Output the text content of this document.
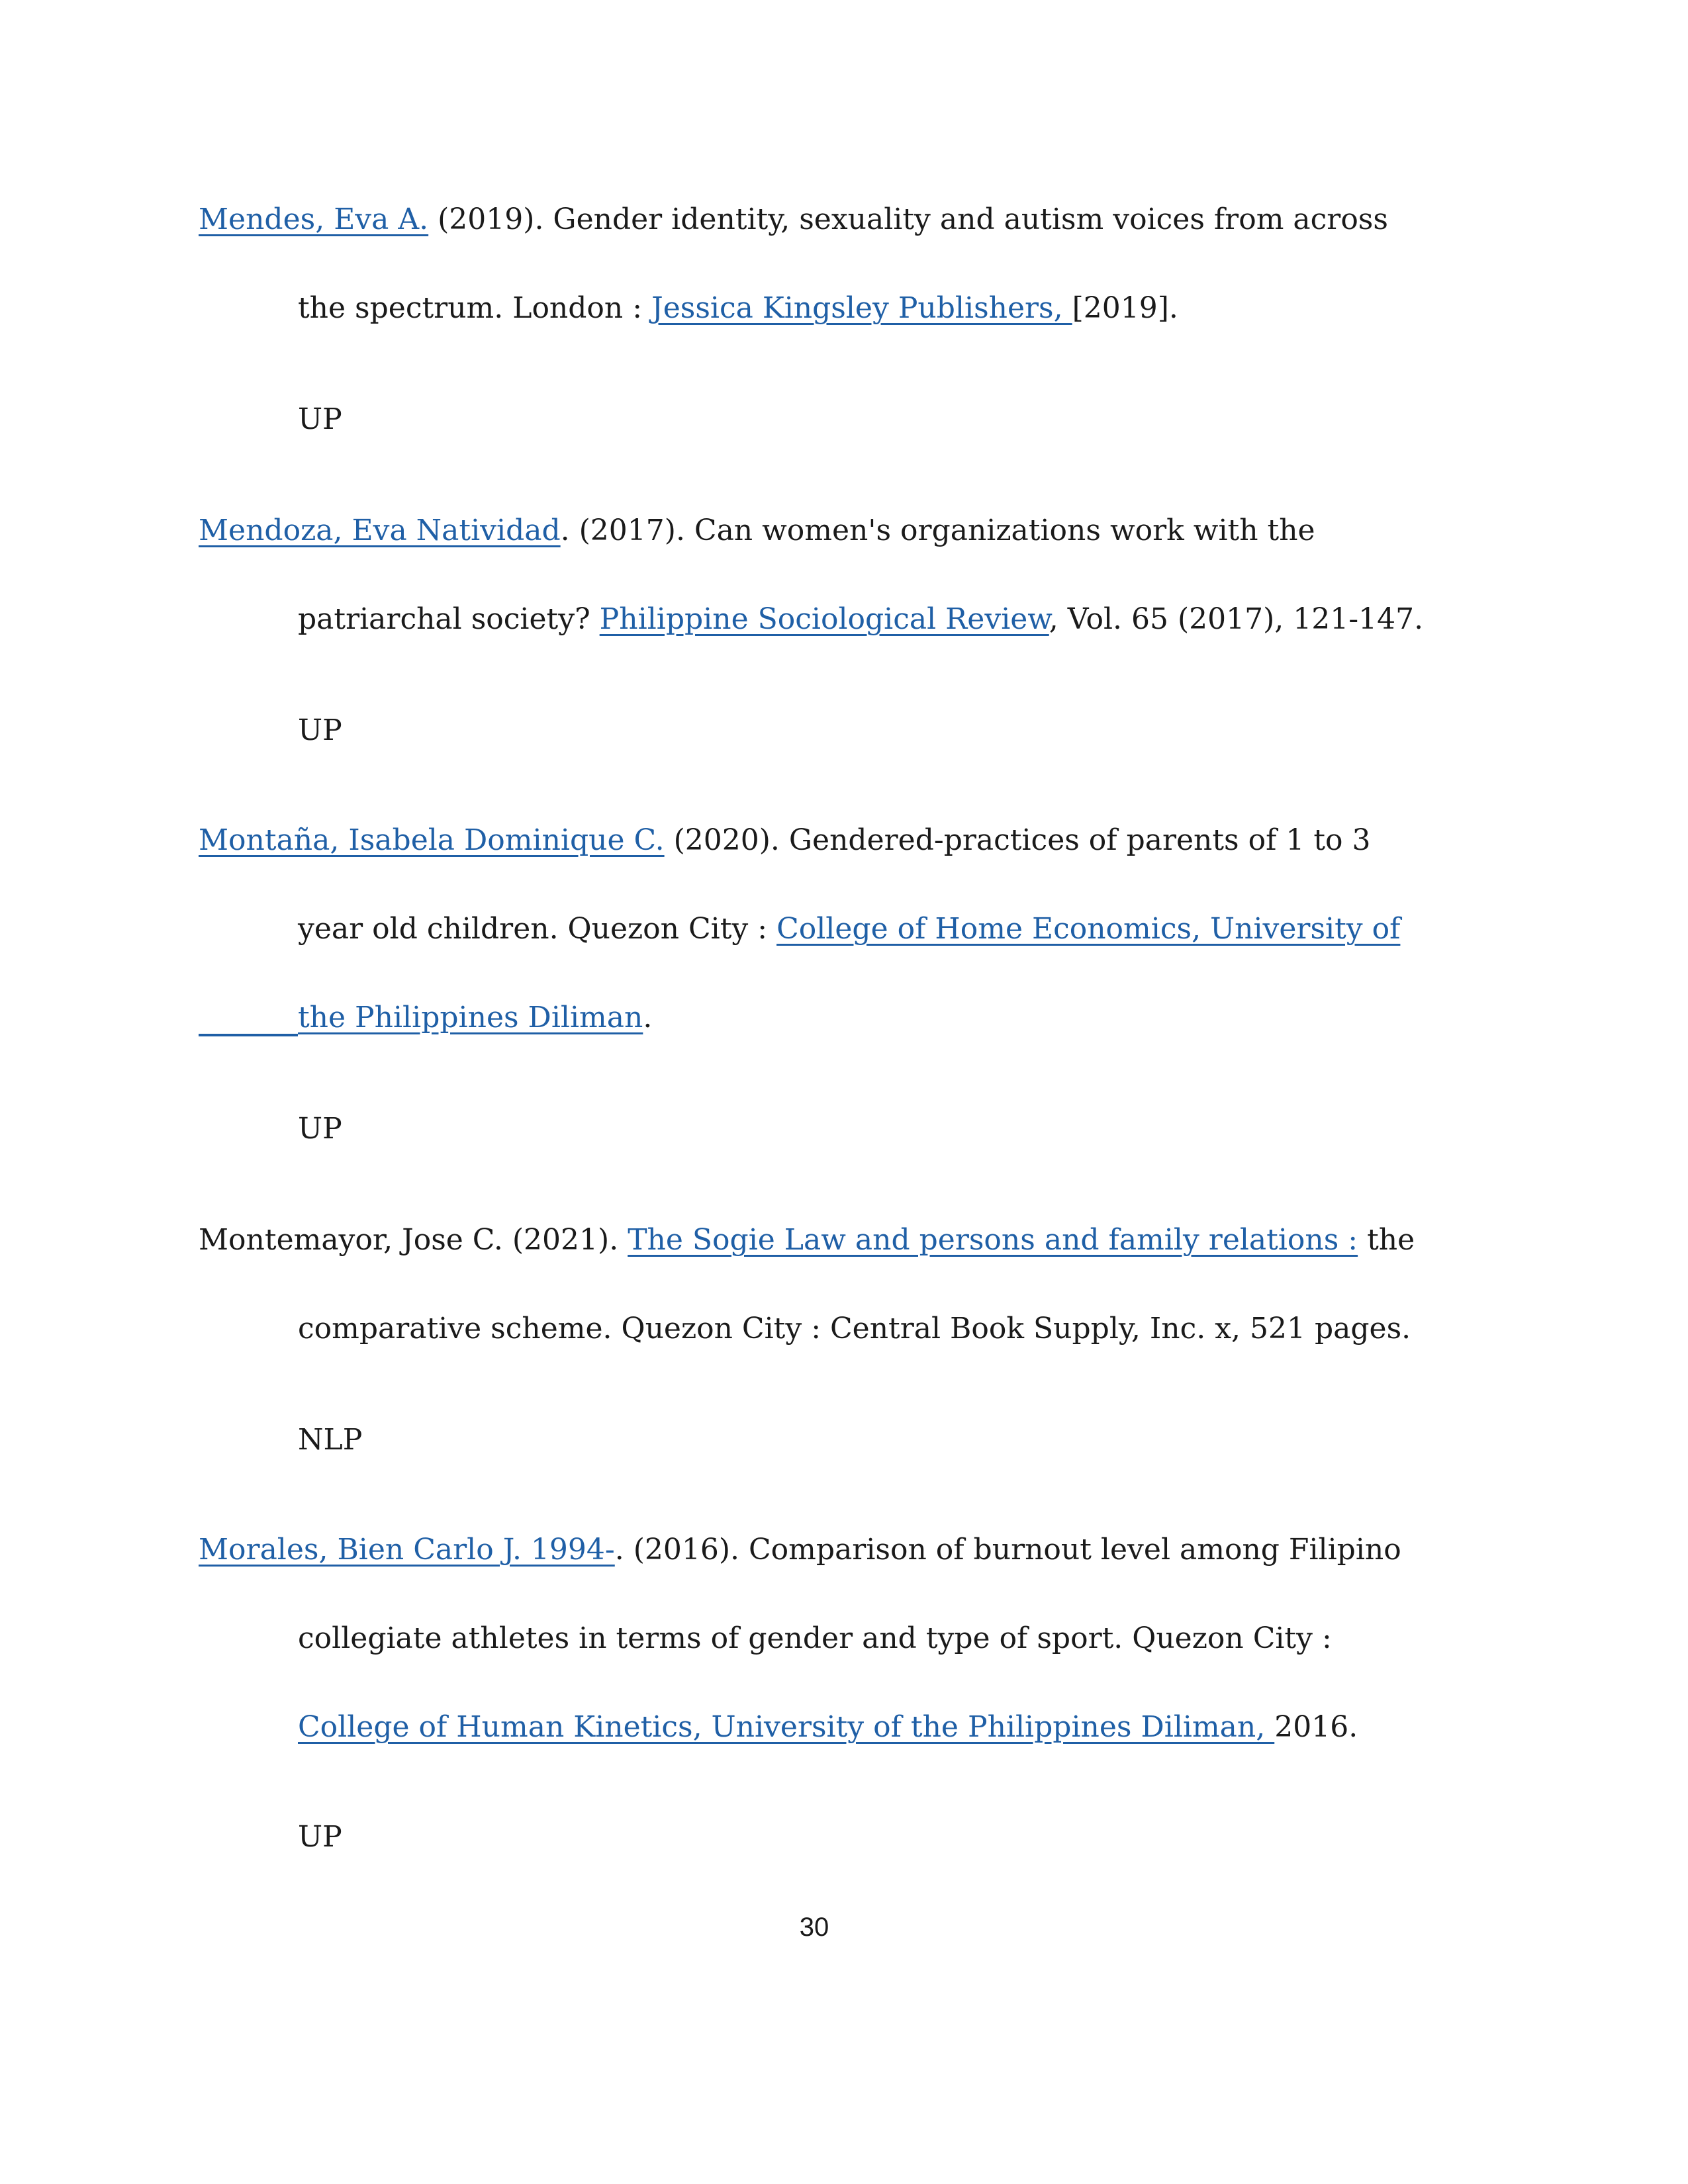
Mendes, Eva A. (2019). Gender identity, sexuality and autism voices from across
the spectrum. London : Jessica Kingsley Publishers, [2019].
UP
Mendoza, Eva Natividad. (2017). Can women's organizations work with the
patriarchal society? Philippine Sociological Review, Vol. 65 (2017), 121-147.
UP
Montaña, Isabela Dominique C. (2020). Gendered-practices of parents of 1 to 3
year old children. Quezon City : College of Home Economics, University of
the Philippines Diliman.
UP
Montemayor, Jose C. (2021). The Sogie Law and persons and family relations : the
comparative scheme. Quezon City : Central Book Supply, Inc. x, 521 pages.
NLP
Morales, Bien Carlo J. 1994-. (2016). Comparison of burnout level among Filipino
collegiate athletes in terms of gender and type of sport. Quezon City :
College of Human Kinetics, University of the Philippines Diliman, 2016.
UP
30
